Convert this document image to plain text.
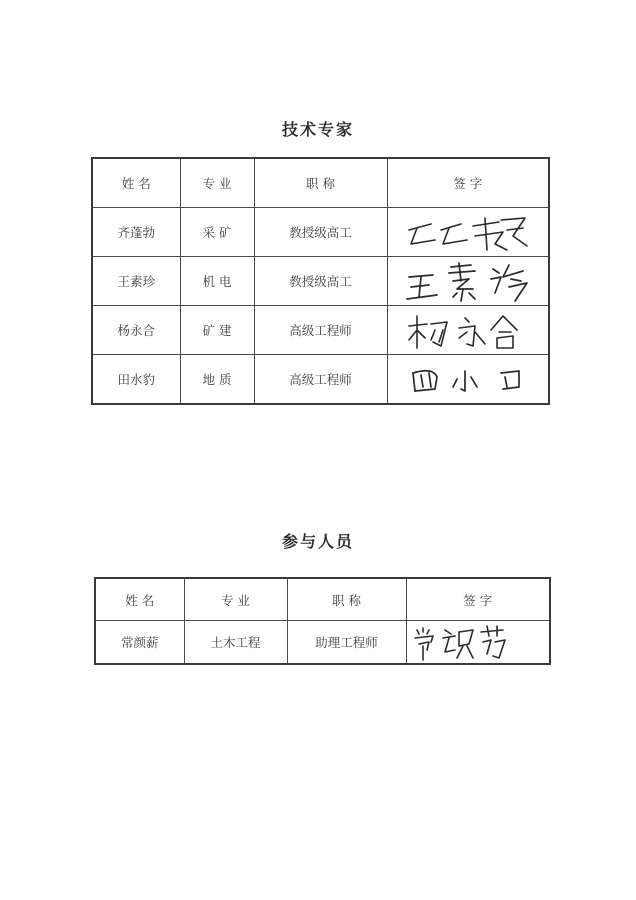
技术专家
姓 名	专 业	职 称	签 字
齐蓬勃	采 矿	教授级高工	

王素珍	机 电	教授级高工	

杨永合	矿 建	高级工程师	

田水豹	地 质	高级工程师	
参与人员
姓 名	专 业	职 称	签 字
常颜薪	土木工程	助理工程师	
